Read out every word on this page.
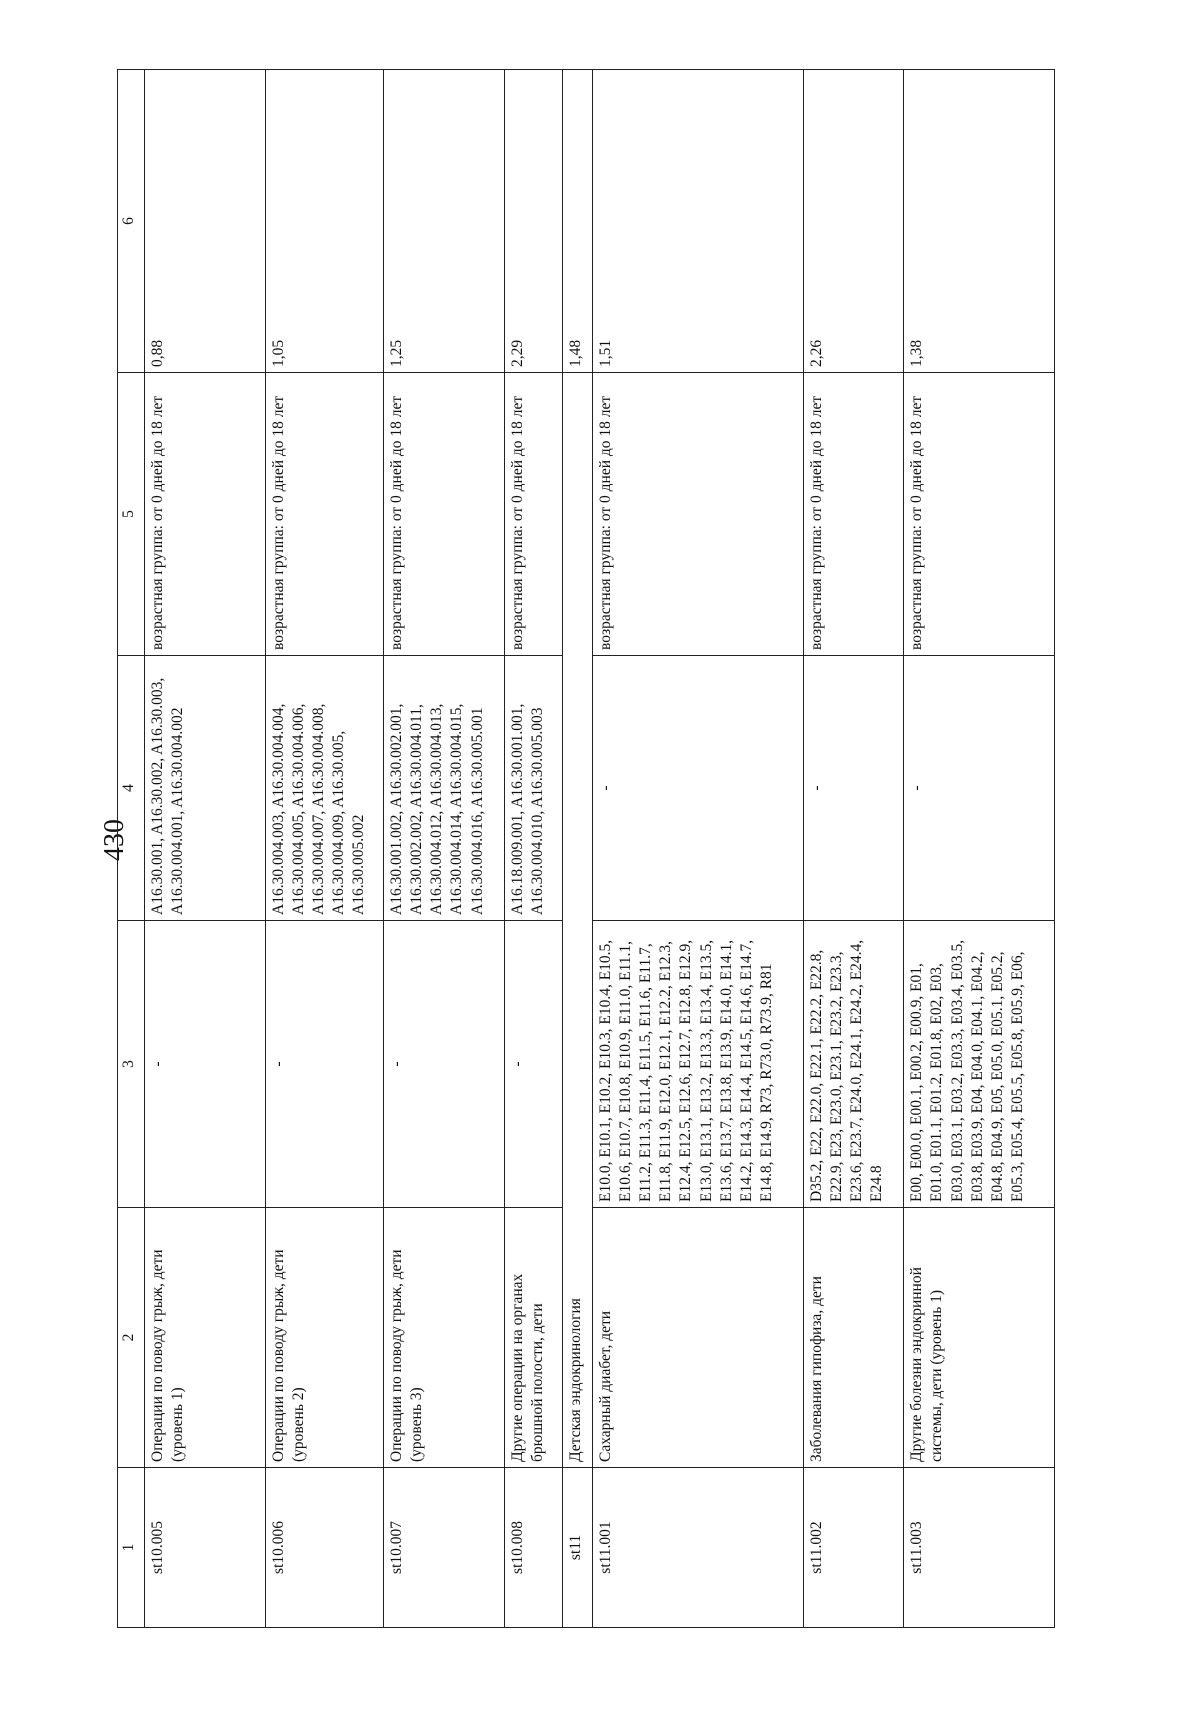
430
1	2	3	4	5	6
st10.005	Операции по поводу грыж, дети (уровень 1)	-	A16.30.001, A16.30.002, A16.30.003, A16.30.004.001, A16.30.004.002	возрастная группа: от 0 дней до 18 лет	0,88
st10.006	Операции по поводу грыж, дети (уровень 2)	-	A16.30.004.003, A16.30.004.004, A16.30.004.005, A16.30.004.006, A16.30.004.007, A16.30.004.008, A16.30.004.009, A16.30.005, A16.30.005.002	возрастная группа: от 0 дней до 18 лет	1,05
st10.007	Операции по поводу грыж, дети (уровень 3)	-	A16.30.001.002, A16.30.002.001, A16.30.002.002, A16.30.004.011, A16.30.004.012, A16.30.004.013, A16.30.004.014, A16.30.004.015, A16.30.004.016, A16.30.005.001	возрастная группа: от 0 дней до 18 лет	1,25
st10.008	Другие операции на органах брюшной полости, дети	-	A16.18.009.001, A16.30.001.001, A16.30.004.010, A16.30.005.003	возрастная группа: от 0 дней до 18 лет	2,29
st11	Детская эндокринология				1,48
st11.001	Сахарный диабет, дети	E10.0, E10.1, E10.2, E10.3, E10.4, E10.5, E10.6, E10.7, E10.8, E10.9, E11.0, E11.1, E11.2, E11.3, E11.4, E11.5, E11.6, E11.7, E11.8, E11.9, E12.0, E12.1, E12.2, E12.3, E12.4, E12.5, E12.6, E12.7, E12.8, E12.9, E13.0, E13.1, E13.2, E13.3, E13.4, E13.5, E13.6, E13.7, E13.8, E13.9, E14.0, E14.1, E14.2, E14.3, E14.4, E14.5, E14.6, E14.7, E14.8, E14.9, R73, R73.0, R73.9, R81	-	возрастная группа: от 0 дней до 18 лет	1,51
st11.002	Заболевания гипофиза, дети	D35.2, E22, E22.0, E22.1, E22.2, E22.8, E22.9, E23, E23.0, E23.1, E23.2, E23.3, E23.6, E23.7, E24.0, E24.1, E24.2, E24.4, E24.8	-	возрастная группа: от 0 дней до 18 лет	2,26
st11.003	Другие болезни эндокринной системы, дети (уровень 1)	E00, E00.0, E00.1, E00.2, E00.9, E01, E01.0, E01.1, E01.2, E01.8, E02, E03, E03.0, E03.1, E03.2, E03.3, E03.4, E03.5, E03.8, E03.9, E04, E04.0, E04.1, E04.2, E04.8, E04.9, E05, E05.0, E05.1, E05.2, E05.3, E05.4, E05.5, E05.8, E05.9, E06,	-	возрастная группа: от 0 дней до 18 лет	1,38
